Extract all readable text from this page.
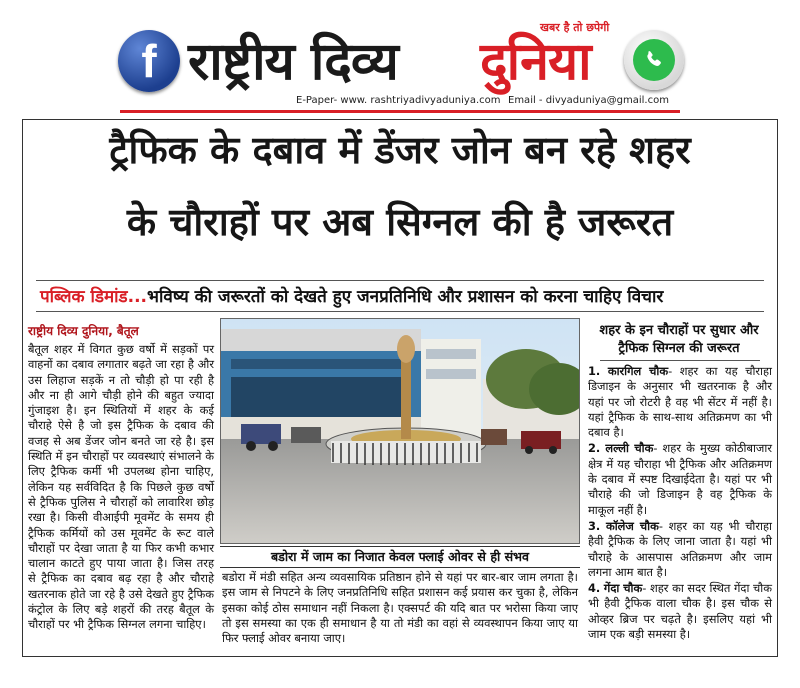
f राष्ट्रीय दिव्य
खबर है तो छपेगी
दुनिया
E-Paper- www. rashtriyadivyaduniya.com Email - divyaduniya@gmail.com
ट्रैफिक के दबाव में डेंजर जोन बन रहे शहर
के चौराहों पर अब सिग्नल की है जरूरत
पब्लिक डिमांड...भविष्य की जरूरतों को देखते हुए जनप्रतिनिधि और प्रशासन को करना चाहिए विचार
राष्ट्रीय दिव्य दुनिया, बैतूल
बैतूल शहर में विगत कुछ वर्षो में सड़कों पर वाहनों का दबाव लगातार बढ़ते जा रहा है और उस लिहाज सड़कें न तो चौड़ी हो पा रही है और ना ही आगे चौड़ी होने की बहुत ज्यादा गुंजाइश है। इन स्थितियों में शहर के कई चौराहे ऐसे है जो इस ट्रैफिक के दबाव की वजह से अब डेंजर जोन बनते जा रहे है। इस स्थिति में इन चौराहों पर व्यवस्थाएं संभालने के लिए ट्रैफिक कर्मी भी उपलब्ध होना चाहिए, लेकिन यह सर्वविदित है कि पिछले कुछ वर्षो से ट्रैफिक पुलिस ने चौराहों को लावारिश छोड़ रखा है। किसी वीआईपी मूवमेंट के समय ही ट्रैफिक कर्मियों को उस मूवमेंट के रूट वाले चौराहों पर देखा जाता है या फिर कभी कभार चालान काटते हुए पाया जाता है। जिस तरह से ट्रैफिक का दबाव बढ़ रहा है और चौराहे खतरनाक होते जा रहे है उसे देखते हुए ट्रैफिक कंट्रोल के लिए बड़े शहरों की तरह बैतूल के चौराहों पर भी ट्रैफिक सिग्नल लगना चाहिए।
बडोरा में जाम का निजात केवल फ्लाई ओवर से ही संभव
बडोरा में मंडी सहित अन्य व्यवसायिक प्रतिष्ठान होने से यहां पर बार-बार जाम लगता है। इस जाम से निपटने के लिए जनप्रतिनिधि सहित प्रशासन कई प्रयास कर चुका है, लेकिन इसका कोई ठोस समाधान नहीं निकला है। एक्सपर्ट की यदि बात पर भरोसा किया जाए तो इस समस्या का एक ही समाधान है या तो मंडी का वहां से व्यवस्थापन किया जाए या फिर फ्लाई ओवर बनाया जाए।
शहर के इन चौराहों पर सुधार और ट्रैफिक सिग्नल की जरूरत

1. कारगिल चौक- शहर का यह चौराहा डिजाइन के अनुसार भी खतरनाक है और यहां पर जो रोटरी है वह भी सेंटर में नहीं है। यहां ट्रैफिक के साथ-साथ अतिक्रमण का भी दबाव है।

2. लल्ली चौक- शहर के मुख्य कोठीबाजार क्षेत्र में यह चौराहा भी ट्रैफिक और अतिक्रमण के दबाव में स्पष्ट दिखाईदेता है। यहां पर भी चौराहे की जो डिजाइन है वह ट्रैफिक के माकूल नहीं है।

3. कॉलेज चौक- शहर का यह भी चौराहा हैवी ट्रैफिक के लिए जाना जाता है। यहां भी चौराहे के आसपास अतिक्रमण और जाम लगना आम बात है।

4. गेंदा चौक- शहर का सदर स्थित गेंदा चौक भी हैवी ट्रैफिक वाला चौक है। इस चौक से ओव्हर ब्रिज पर चढ़ते है। इसलिए यहां भी जाम एक बड़ी समस्या है।
